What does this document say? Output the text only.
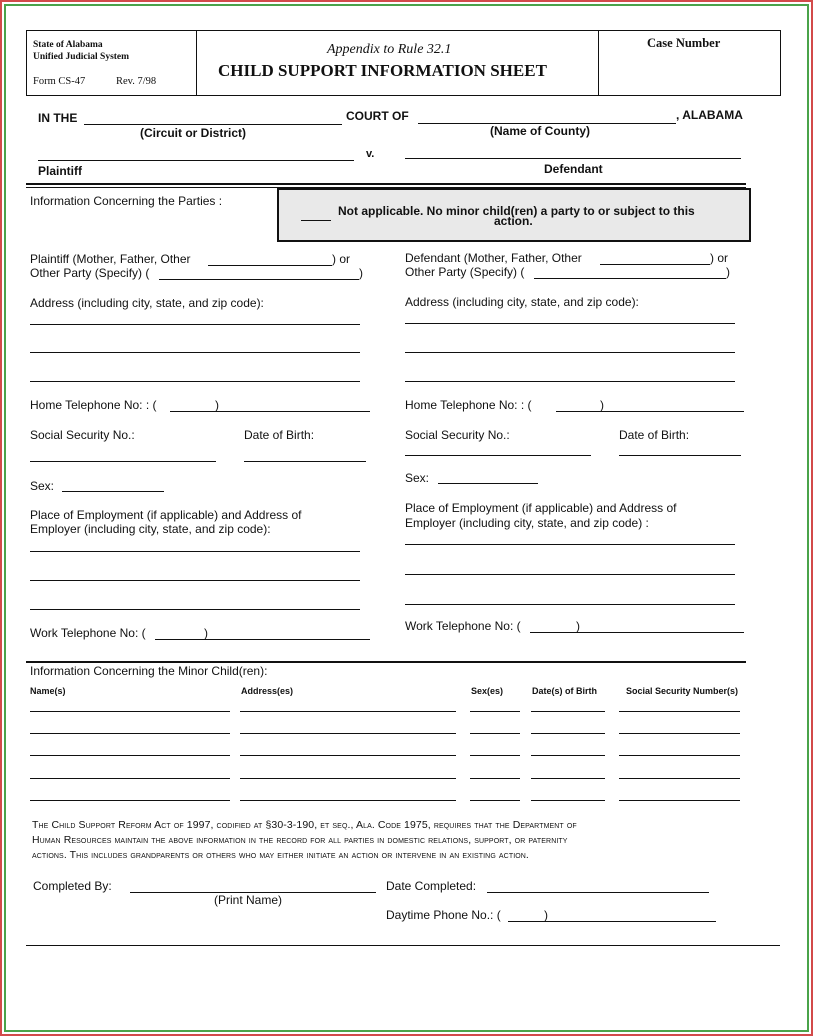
State of Alabama
Unified Judicial System
Form CS-47	Rev. 7/98
Appendix to Rule 32.1
CHILD SUPPORT INFORMATION SHEET
Case Number
IN THE	COURT OF	, ALABAMA
(Circuit or District)	(Name of County)
v.
Plaintiff	Defendant
Information Concerning the Parties :
Not applicable. No minor child(ren) a party to or subject to this
action.
Plaintiff (Mother, Father, Other	) or
Other Party (Specify) (	)
Address (including city, state, and zip code):
Home Telephone No: : (	)
Social Security No.:	Date of Birth:
Sex:
Place of Employment (if applicable) and Address of
Employer (including city, state, and zip code):
Work Telephone No: (	)
Defendant (Mother, Father, Other	) or
Other Party (Specify) (	)
Address (including city, state, and zip code):
Home Telephone No: : (	)
Social Security No.:	Date of Birth:
Sex:
Place of Employment (if applicable) and Address of
Employer (including city, state, and zip code) :
Work Telephone No: (	)
Information Concerning the Minor Child(ren):
Name(s)	Address(es)	Sex(es)	Date(s) of Birth	Social Security Number(s)
The Child Support Reform Act of 1997, codified at §30-3-190, et seq., Ala. Code 1975, requires that the Department of
Human Resources maintain the above information in the record for all parties in domestic relations, support, or paternity
actions. This includes grandparents or others who may either initiate an action or intervene in an existing action.
Completed By:
(Print Name)
Date Completed:
Daytime Phone No.: (	)
